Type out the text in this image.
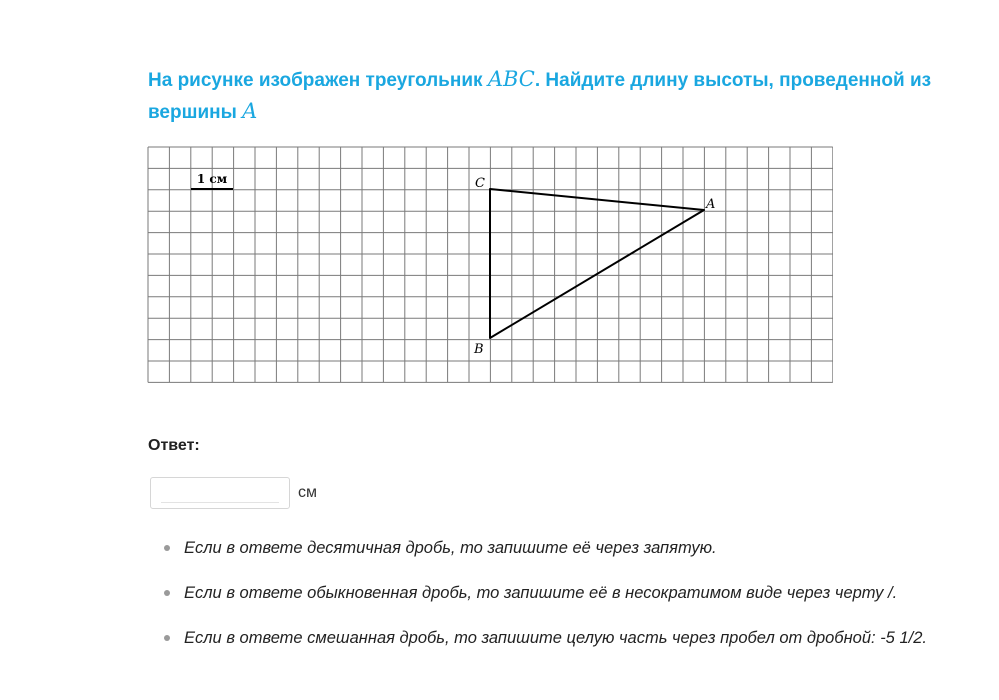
На рисунке изображен треугольник ABC. Найдите длину высоты, проведенной из вершины A
1 см
A
B
C
Ответ:
см
Если в ответе десятичная дробь, то запишите её через запятую.
Если в ответе обыкновенная дробь, то запишите её в несократимом виде через черту /.
Если в ответе смешанная дробь, то запишите целую часть через пробел от дробной: -5 1/2.
